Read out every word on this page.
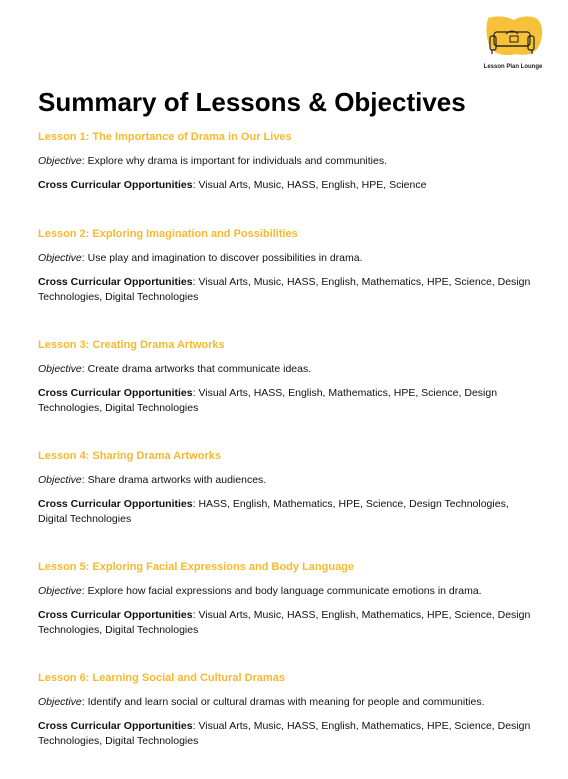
Lesson Plan Lounge
Summary of Lessons & Objectives

Lesson 1: The Importance of Drama in Our Lives

Objective: Explore why drama is important for individuals and communities.

Cross Curricular Opportunities: Visual Arts, Music, HASS, English, HPE, Science

Lesson 2: Exploring Imagination and Possibilities

Objective: Use play and imagination to discover possibilities in drama.

Cross Curricular Opportunities: Visual Arts, Music, HASS, English, Mathematics, HPE, Science, Design Technologies, Digital Technologies

Lesson 3: Creating Drama Artworks

Objective: Create drama artworks that communicate ideas.

Cross Curricular Opportunities: Visual Arts, HASS, English, Mathematics, HPE, Science, Design Technologies, Digital Technologies

Lesson 4: Sharing Drama Artworks

Objective: Share drama artworks with audiences.

Cross Curricular Opportunities: HASS, English, Mathematics, HPE, Science, Design Technologies, Digital Technologies

Lesson 5: Exploring Facial Expressions and Body Language

Objective: Explore how facial expressions and body language communicate emotions in drama.

Cross Curricular Opportunities: Visual Arts, Music, HASS, English, Mathematics, HPE, Science, Design Technologies, Digital Technologies

Lesson 6: Learning Social and Cultural Dramas

Objective: Identify and learn social or cultural dramas with meaning for people and communities.

Cross Curricular Opportunities: Visual Arts, Music, HASS, English, Mathematics, HPE, Science, Design Technologies, Digital Technologies
